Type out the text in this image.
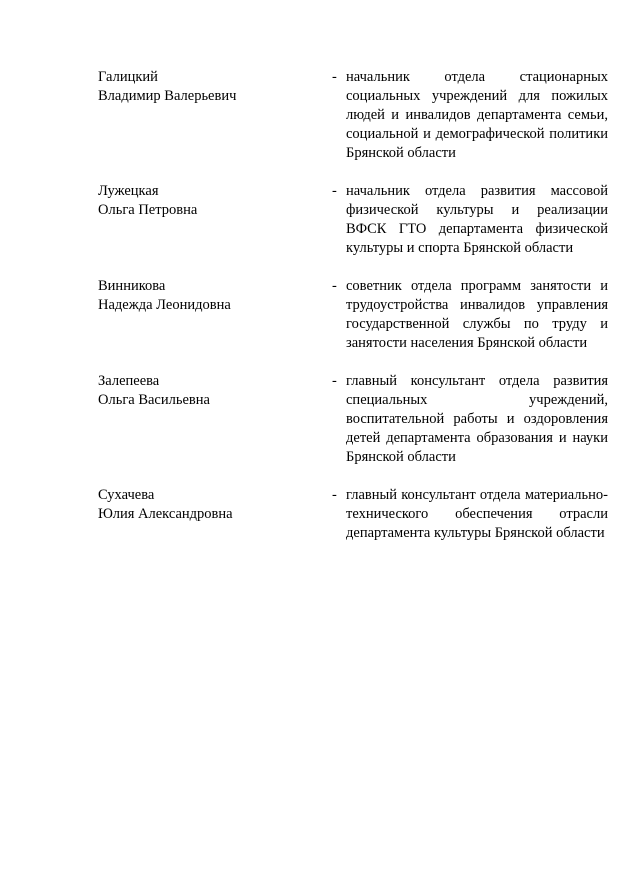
Галицкий
Владимир Валерьевич
- начальник отдела стационарных социальных учреждений для пожилых людей и инвалидов департамента семьи, социальной и демографической политики Брянской области
Лужецкая
Ольга Петровна
- начальник отдела развития массовой физической культуры и реализации ВФСК ГТО департамента физической культуры и спорта Брянской области
Винникова
Надежда Леонидовна
- советник отдела программ занятости и трудоустройства инвалидов управления государственной службы по труду и занятости населения Брянской области
Залепеева
Ольга Васильевна
- главный консультант отдела развития специальных учреждений, воспитательной работы и оздоровления детей департамента образования и науки Брянской области
Сухачева
Юлия Александровна
- главный консультант отдела материально-технического обеспечения отрасли департамента культуры Брянской области
